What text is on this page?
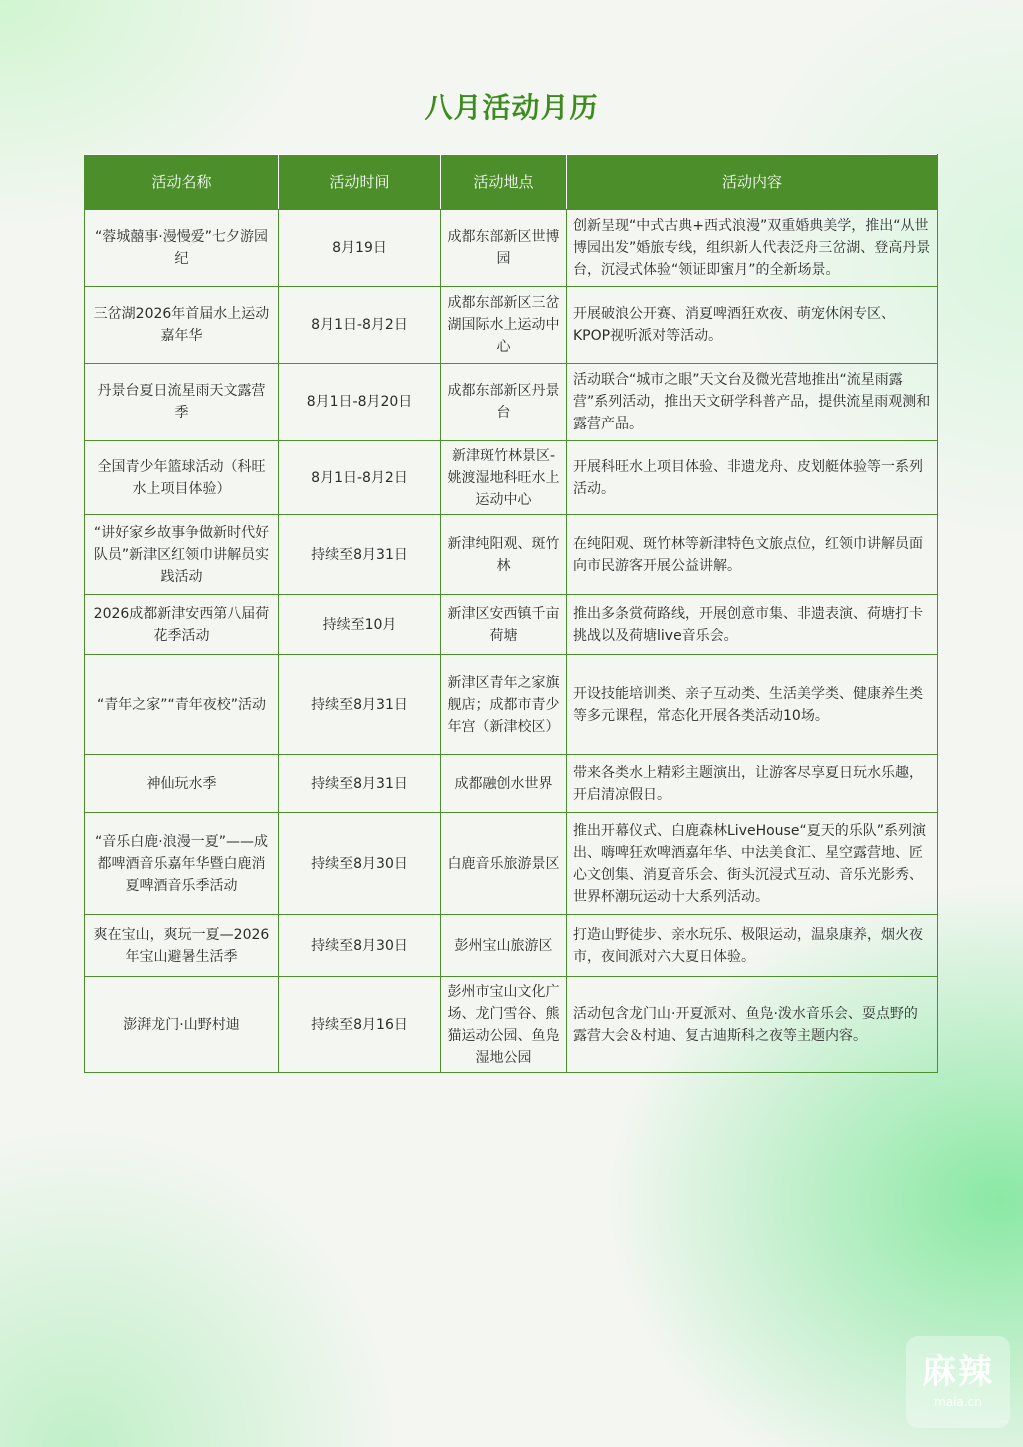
八月活动月历
活动名称	活动时间	活动地点	活动内容
“蓉城囍事·漫慢爱”七夕游园纪	8月19日	成都东部新区世博园	创新呈现“中式古典+西式浪漫”双重婚典美学，推出“从世博园出发”婚旅专线，组织新人代表泛舟三岔湖、登高丹景台，沉浸式体验“领证即蜜月”的全新场景。
三岔湖2026年首届水上运动嘉年华	8月1日-8月2日	成都东部新区三岔湖国际水上运动中心	开展破浪公开赛、消夏啤酒狂欢夜、萌宠休闲专区、KPOP视听派对等活动。
丹景台夏日流星雨天文露营季	8月1日-8月20日	成都东部新区丹景台	活动联合“城市之眼”天文台及微光营地推出“流星雨露营”系列活动，推出天文研学科普产品，提供流星雨观测和露营产品。
全国青少年篮球活动（科旺水上项目体验）	8月1日-8月2日	新津斑竹林景区-姚渡湿地科旺水上运动中心	开展科旺水上项目体验、非遗龙舟、皮划艇体验等一系列活动。
“讲好家乡故事争做新时代好队员”新津区红领巾讲解员实践活动	持续至8月31日	新津纯阳观、斑竹林	在纯阳观、斑竹林等新津特色文旅点位，红领巾讲解员面向市民游客开展公益讲解。
2026成都新津安西第八届荷花季活动	持续至10月	新津区安西镇千亩荷塘	推出多条赏荷路线，开展创意市集、非遗表演、荷塘打卡挑战以及荷塘live音乐会。
“青年之家”“青年夜校”活动	持续至8月31日	新津区青年之家旗舰店；成都市青少年宫（新津校区）	开设技能培训类、亲子互动类、生活美学类、健康养生类等多元课程，常态化开展各类活动10场。
神仙玩水季	持续至8月31日	成都融创水世界	带来各类水上精彩主题演出，让游客尽享夏日玩水乐趣，开启清凉假日。
“音乐白鹿·浪漫一夏”——成都啤酒音乐嘉年华暨白鹿消夏啤酒音乐季活动	持续至8月30日	白鹿音乐旅游景区	推出开幕仪式、白鹿森林LiveHouse“夏天的乐队”系列演出、嗨啤狂欢啤酒嘉年华、中法美食汇、星空露营地、匠心文创集、消夏音乐会、街头沉浸式互动、音乐光影秀、世界杯潮玩运动十大系列活动。
爽在宝山，爽玩一夏—2026年宝山避暑生活季	持续至8月30日	彭州宝山旅游区	打造山野徒步、亲水玩乐、极限运动，温泉康养，烟火夜市，夜间派对六大夏日体验。
澎湃龙门·山野村迪	持续至8月16日	彭州市宝山文化广场、龙门雪谷、熊猫运动公园、鱼凫湿地公园	活动包含龙门山·开夏派对、鱼凫·泼水音乐会、耍点野的露营大会＆村迪、复古迪斯科之夜等主题内容。
麻辣
mala.cn
